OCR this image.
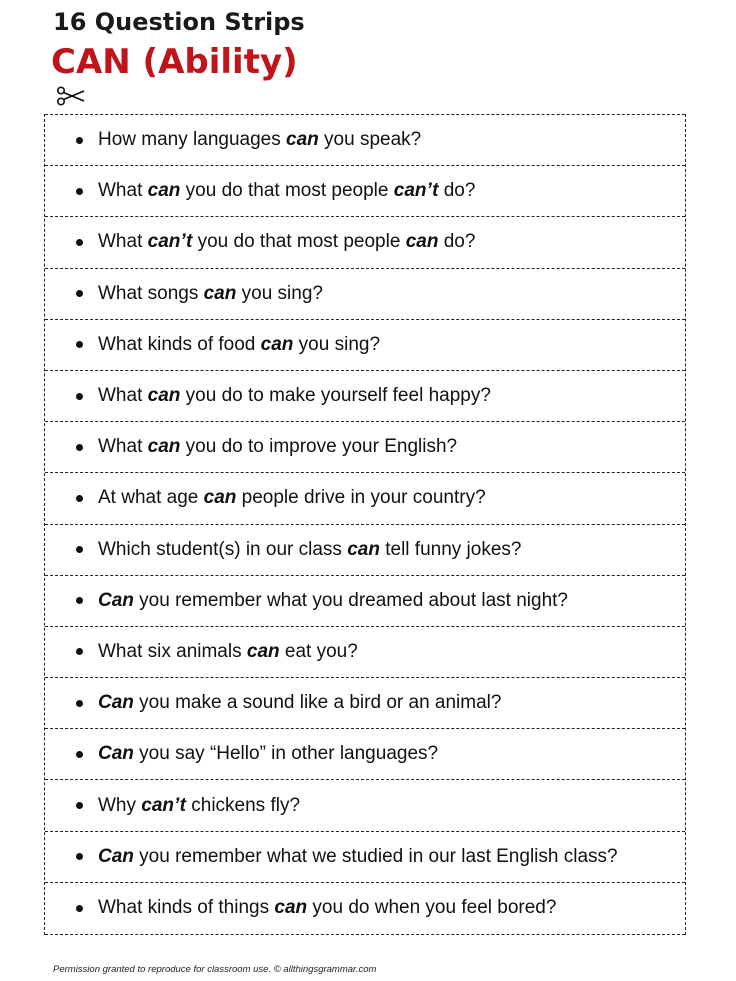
16 Question Strips
CAN (Ability)
How many languages can you speak?
What can you do that most people can’t do?
What can’t you do that most people can do?
What songs can you sing?
What kinds of food can you sing?
What can you do to make yourself feel happy?
What can you do to improve your English?
At what age can people drive in your country?
Which student(s) in our class can tell funny jokes?
Can you remember what you dreamed about last night?
What six animals can eat you?
Can you make a sound like a bird or an animal?
Can you say “Hello” in other languages?
Why can’t chickens fly?
Can you remember what we studied in our last English class?
What kinds of things can you do when you feel bored?
Permission granted to reproduce for classroom use. © allthingsgrammar.com
